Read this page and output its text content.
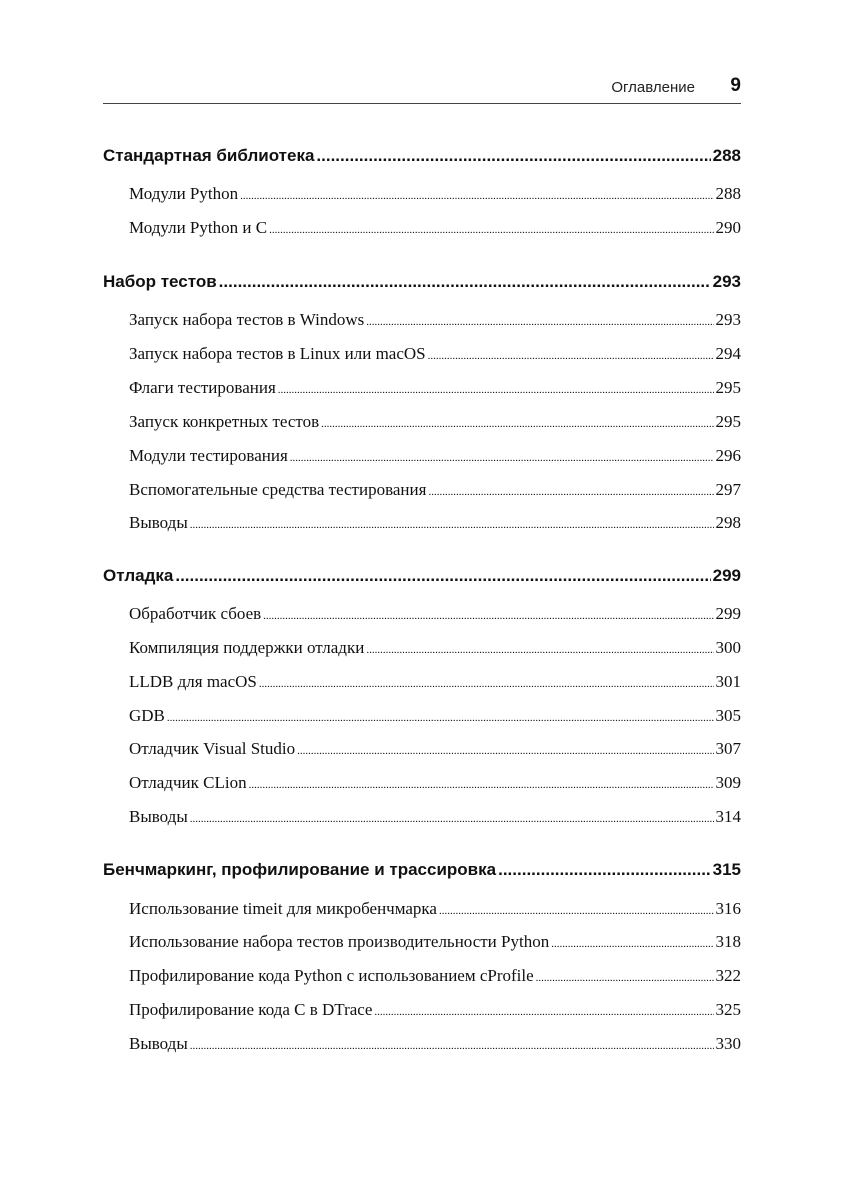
Оглавление 9
Стандартная библиотека .....	288
Модули Python .....	288
Модули Python и С .....	290
Набор тестов .....	293
Запуск набора тестов в Windows .....	293
Запуск набора тестов в Linux или macOS .....	294
Флаги тестирования .....	295
Запуск конкретных тестов .....	295
Модули тестирования .....	296
Вспомогательные средства тестирования .....	297
Выводы .....	298
Отладка .....	299
Обработчик сбоев .....	299
Компиляция поддержки отладки .....	300
LLDB для macOS .....	301
GDB .....	305
Отладчик Visual Studio .....	307
Отладчик CLion .....	309
Выводы .....	314
Бенчмаркинг, профилирование и трассировка .....	315
Использование timeit для микробенчмарка .....	316
Использование набора тестов производительности Python .....	318
Профилирование кода Python с использованием cProfile .....	322
Профилирование кода С в DTrace .....	325
Выводы .....	330
